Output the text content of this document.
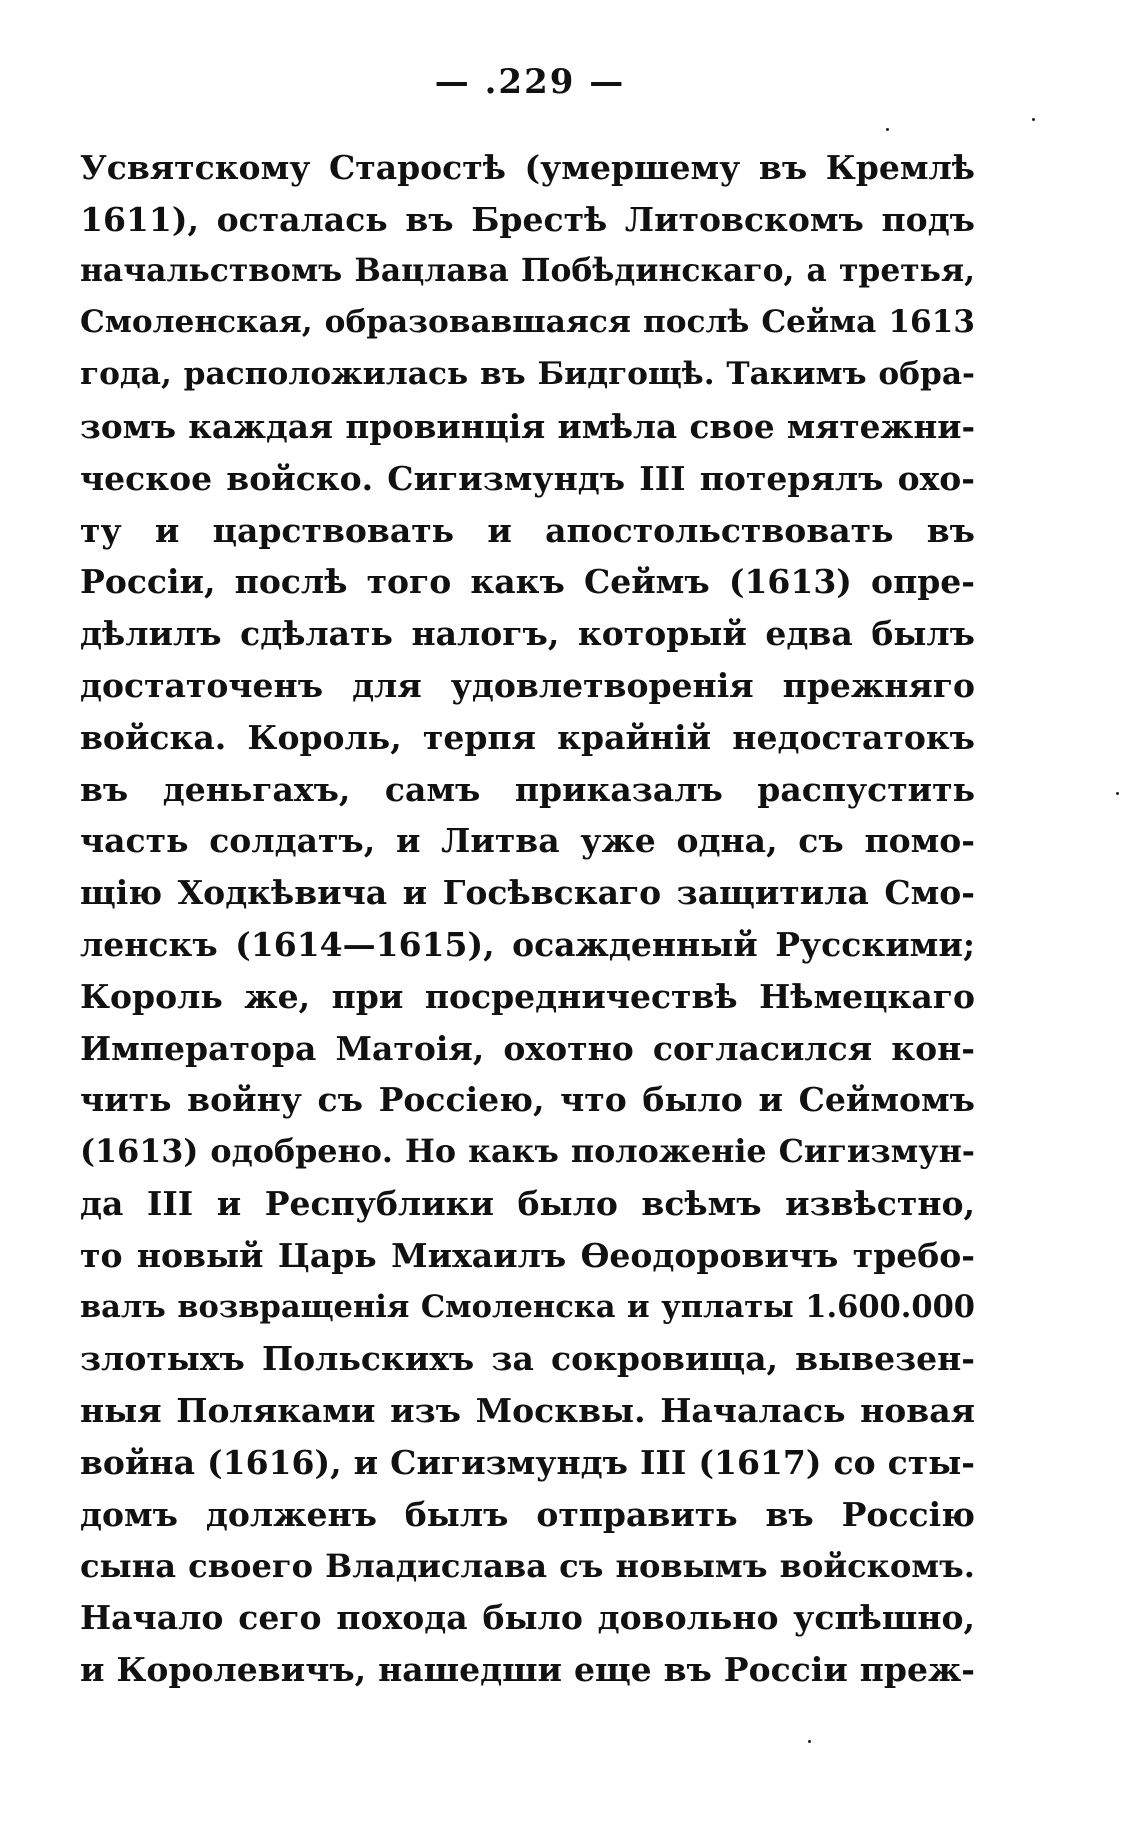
— .229 —
Усвятскому Старостѣ (умершему въ Кремлѣ
1611), осталась въ Брестѣ Литовскомъ подъ
начальствомъ Вацлава Побѣдинскаго, а третья,
Смоленская, образовавшаяся послѣ Сейма 1613
года, расположилась въ Бидгощѣ. Такимъ обра-
зомъ каждая провинція имѣла свое мятежни-
ческое войско. Сигизмундъ III потерялъ охо-
ту и царствовать и апостольствовать въ
Россіи, послѣ того какъ Сеймъ (1613) опре-
дѣлилъ сдѣлать налогъ, который едва былъ
достаточенъ для удовлетворенія прежняго
войска. Король, терпя крайній недостатокъ
въ деньгахъ, самъ приказалъ распустить
часть солдатъ, и Литва уже одна, съ помо-
щію Ходкѣвича и Госѣвскаго защитила Смо-
ленскъ (1614—1615), осажденный Русскими;
Король же, при посредничествѣ Нѣмецкаго
Императора Матоія, охотно согласился кон-
чить войну съ Россіею, что было и Сеймомъ
(1613) одобрено. Но какъ положеніе Сигизмун-
да III и Республики было всѣмъ извѣстно,
то новый Царь Михаилъ Ѳеодоровичъ требо-
валъ возвращенія Смоленска и уплаты 1.600.000
злотыхъ Польскихъ за сокровища, вывезен-
ныя Поляками изъ Москвы. Началась новая
война (1616), и Сигизмундъ III (1617) со сты-
домъ долженъ былъ отправить въ Россію
сына своего Владислава съ новымъ войскомъ.
Начало сего похода было довольно успѣшно,
и Королевичъ, нашедши еще въ Россіи преж-
